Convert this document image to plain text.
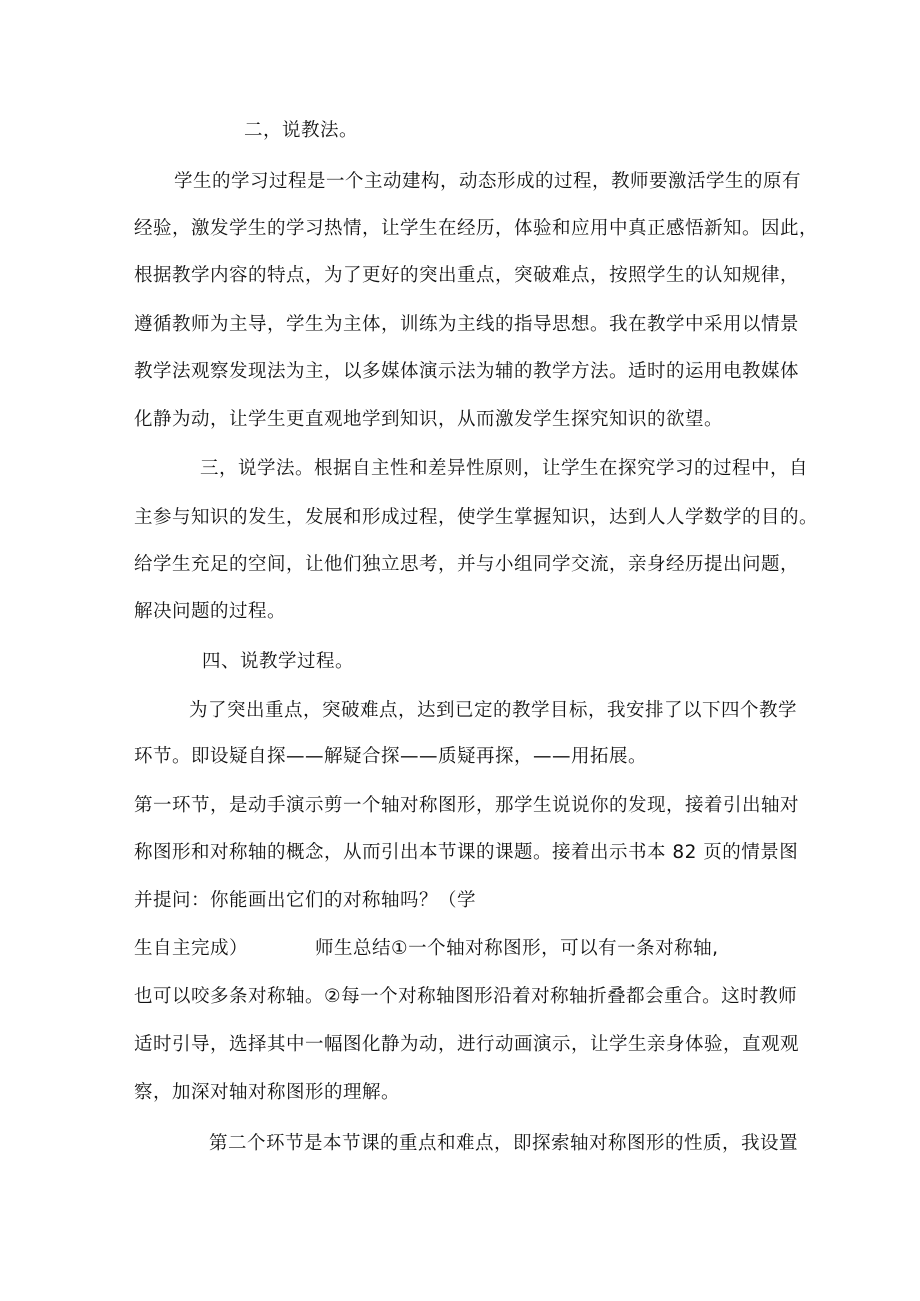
二，说教法。
学生的学习过程是一个主动建构，动态形成的过程，教师要激活学生的原有
经验，激发学生的学习热情，让学生在经历，体验和应用中真正感悟新知。因此，
根据教学内容的特点，为了更好的突出重点，突破难点，按照学生的认知规律，
遵循教师为主导，学生为主体，训练为主线的指导思想。我在教学中采用以情景
教学法观察发现法为主，以多媒体演示法为辅的教学方法。适时的运用电教媒体
化静为动，让学生更直观地学到知识，从而激发学生探究知识的欲望。
三，说学法。根据自主性和差异性原则，让学生在探究学习的过程中，自
主参与知识的发生，发展和形成过程，使学生掌握知识，达到人人学数学的目的。
给学生充足的空间，让他们独立思考，并与小组同学交流，亲身经历提出问题，
解决问题的过程。
四、说教学过程。
为了突出重点，突破难点，达到已定的教学目标，我安排了以下四个教学
环节。即设疑自探——解疑合探——质疑再探，——用拓展。
第一环节，是动手演示剪一个轴对称图形，那学生说说你的发现，接着引出轴对
称图形和对称轴的概念，从而引出本节课的课题。接着出示书本 82 页的情景图
并提问：你能画出它们的对称轴吗？（学
生自主完成）	师生总结①一个轴对称图形，可以有一条对称轴,
也可以咬多条对称轴。②每一个对称轴图形沿着对称轴折叠都会重合。这时教师
适时引导，选择其中一幅图化静为动，进行动画演示，让学生亲身体验，直观观
察，加深对轴对称图形的理解。
第二个环节是本节课的重点和难点，即探索轴对称图形的性质，我设置
